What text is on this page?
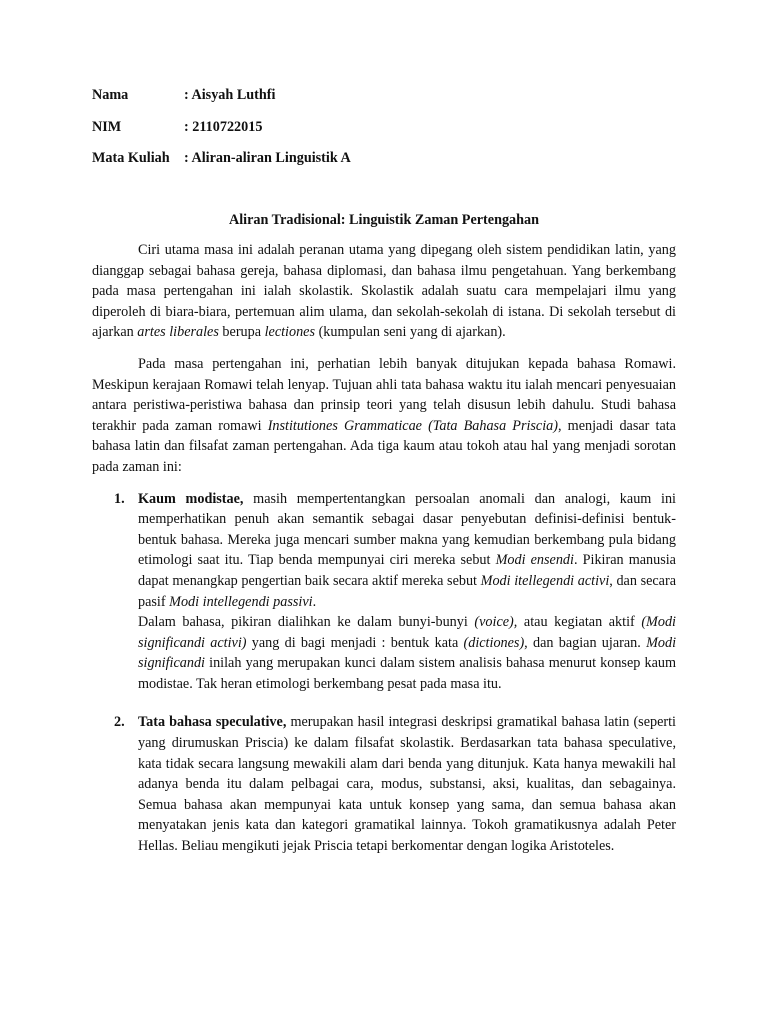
Nama	: Aisyah Luthfi
NIM	: 2110722015
Mata Kuliah	: Aliran-aliran Linguistik A
Aliran Tradisional: Linguistik Zaman Pertengahan

Ciri utama masa ini adalah peranan utama yang dipegang oleh sistem pendidikan latin, yang dianggap sebagai bahasa gereja, bahasa diplomasi, dan bahasa ilmu pengetahuan. Yang berkembang pada masa pertengahan ini ialah skolastik. Skolastik adalah suatu cara mempelajari ilmu yang diperoleh di biara-biara, pertemuan alim ulama, dan sekolah-sekolah di istana. Di sekolah tersebut di ajarkan artes liberales berupa lectiones (kumpulan seni yang di ajarkan).

Pada masa pertengahan ini, perhatian lebih banyak ditujukan kepada bahasa Romawi. Meskipun kerajaan Romawi telah lenyap. Tujuan ahli tata bahasa waktu itu ialah mencari penyesuaian antara peristiwa-peristiwa bahasa dan prinsip teori yang telah disusun lebih dahulu. Studi bahasa terakhir pada zaman romawi Institutiones Grammaticae (Tata Bahasa Priscia), menjadi dasar tata bahasa latin dan filsafat zaman pertengahan. Ada tiga kaum atau tokoh atau hal yang menjadi sorotan pada zaman ini:

1. Kaum modistae, masih mempertentangkan persoalan anomali dan analogi, kaum ini memperhatikan penuh akan semantik sebagai dasar penyebutan definisi-definisi bentuk-bentuk bahasa. Mereka juga mencari sumber makna yang kemudian berkembang pula bidang etimologi saat itu. Tiap benda mempunyai ciri mereka sebut Modi ensendi. Pikiran manusia dapat menangkap pengertian baik secara aktif mereka sebut Modi itellegendi activi, dan secara pasif Modi intellegendi passivi.
Dalam bahasa, pikiran dialihkan ke dalam bunyi-bunyi (voice), atau kegiatan aktif (Modi significandi activi) yang di bagi menjadi : bentuk kata (dictiones), dan bagian ujaran. Modi significandi inilah yang merupakan kunci dalam sistem analisis bahasa menurut konsep kaum modistae. Tak heran etimologi berkembang pesat pada masa itu.

2. Tata bahasa speculative, merupakan hasil integrasi deskripsi gramatikal bahasa latin (seperti yang dirumuskan Priscia) ke dalam filsafat skolastik. Berdasarkan tata bahasa speculative, kata tidak secara langsung mewakili alam dari benda yang ditunjuk. Kata hanya mewakili hal adanya benda itu dalam pelbagai cara, modus, substansi, aksi, kualitas, dan sebagainya. Semua bahasa akan mempunyai kata untuk konsep yang sama, dan semua bahasa akan menyatakan jenis kata dan kategori gramatikal lainnya. Tokoh gramatikusnya adalah Peter Hellas. Beliau mengikuti jejak Priscia tetapi berkomentar dengan logika Aristoteles.
